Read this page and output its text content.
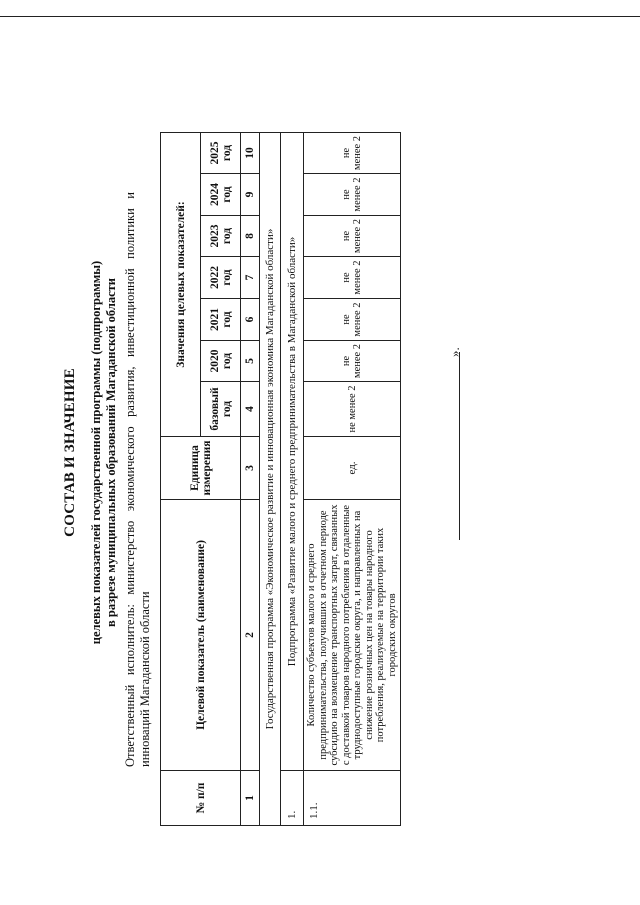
СОСТАВ И ЗНАЧЕНИЕ целевых показателей государственной программы (подпрограммы) в разрезе муниципальных образований Магаданской области Ответственный исполнитель: министерство экономического развития, инвестиционной политики и инноваций Магаданской области
№ п/п	Целевой показатель (наименование)	Единица измерения	Значения целевых показателей:						
			базовый год	2020 год	2021 год	2022 год	2023 год	2024 год	2025 год
1	2	3	4	5	6	7	8	9	10
Государственная программа «Экономическое развитие и инновационная экономика Магаданской области»									
1.	Подпрограмма «Развитие малого и среднего предпринимательства в Магаданской области»								
1.1.	Количество субъектов малого и среднего предпринимательства, получивших в отчетном периоде субсидию на возмещение транспортных затрат, связанных с доставкой товаров народного потребления в отдаленные труднодоступные городские округа, и направленных на снижение розничных цен на товары народного потребления, реализуемые на территории таких городских округов	ед.	не менее 2	не менее 2	не менее 2	не менее 2	не менее 2	не менее 2	не менее 2
».
